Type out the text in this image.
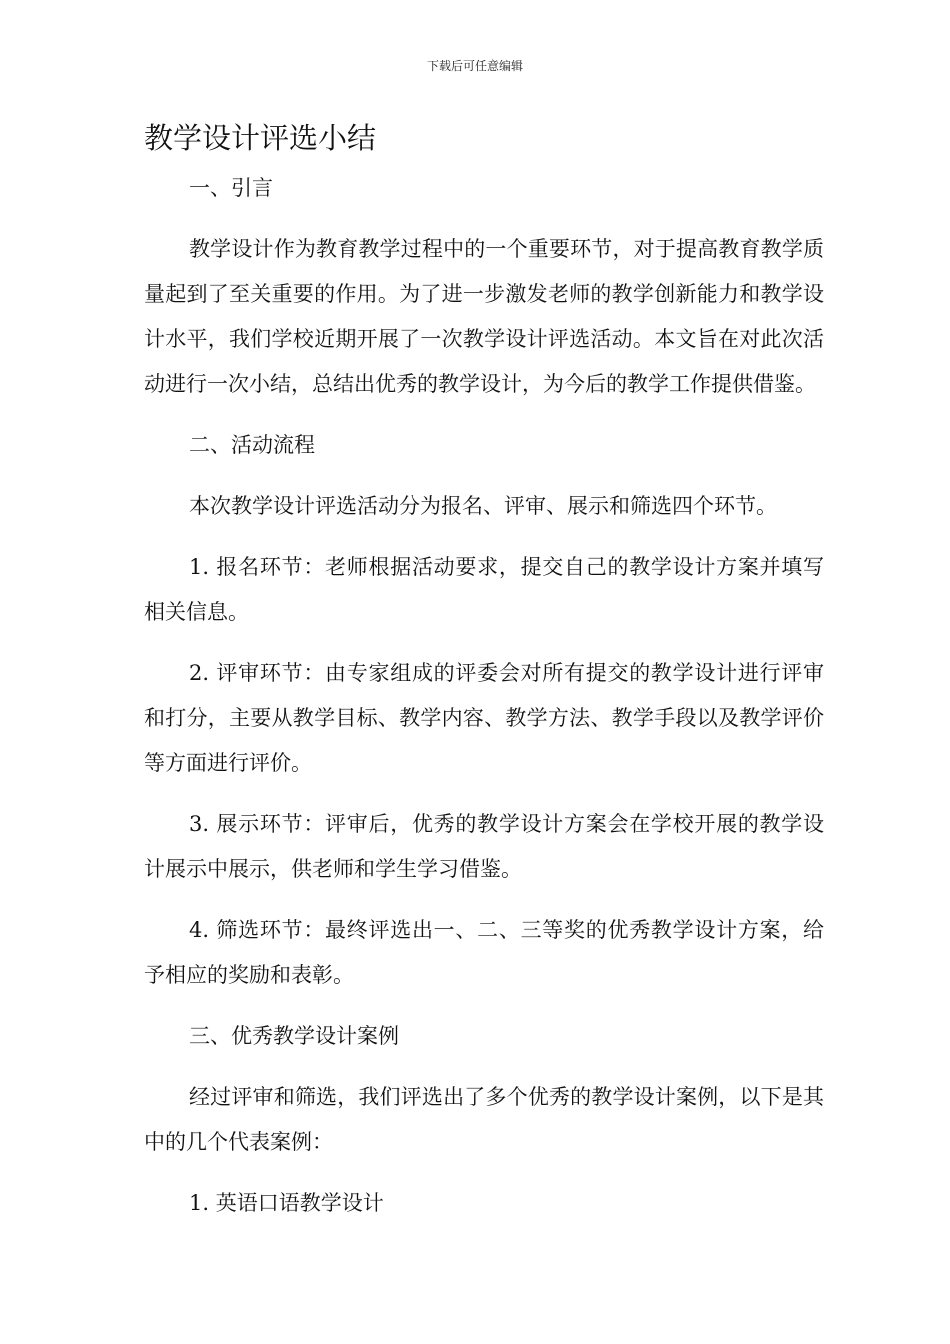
下载后可任意编辑
教学设计评选小结

一、引言

教学设计作为教育教学过程中的一个重要环节，对于提高教育教学质量起到了至关重要的作用。为了进一步激发老师的教学创新能力和教学设计水平，我们学校近期开展了一次教学设计评选活动。本文旨在对此次活动进行一次小结，总结出优秀的教学设计，为今后的教学工作提供借鉴。

二、活动流程

本次教学设计评选活动分为报名、评审、展示和筛选四个环节。

1. 报名环节：老师根据活动要求，提交自己的教学设计方案并填写相关信息。

2. 评审环节：由专家组成的评委会对所有提交的教学设计进行评审和打分，主要从教学目标、教学内容、教学方法、教学手段以及教学评价等方面进行评价。

3. 展示环节：评审后，优秀的教学设计方案会在学校开展的教学设计展示中展示，供老师和学生学习借鉴。

4. 筛选环节：最终评选出一、二、三等奖的优秀教学设计方案，给予相应的奖励和表彰。

三、优秀教学设计案例

经过评审和筛选，我们评选出了多个优秀的教学设计案例，以下是其中的几个代表案例：

1. 英语口语教学设计
